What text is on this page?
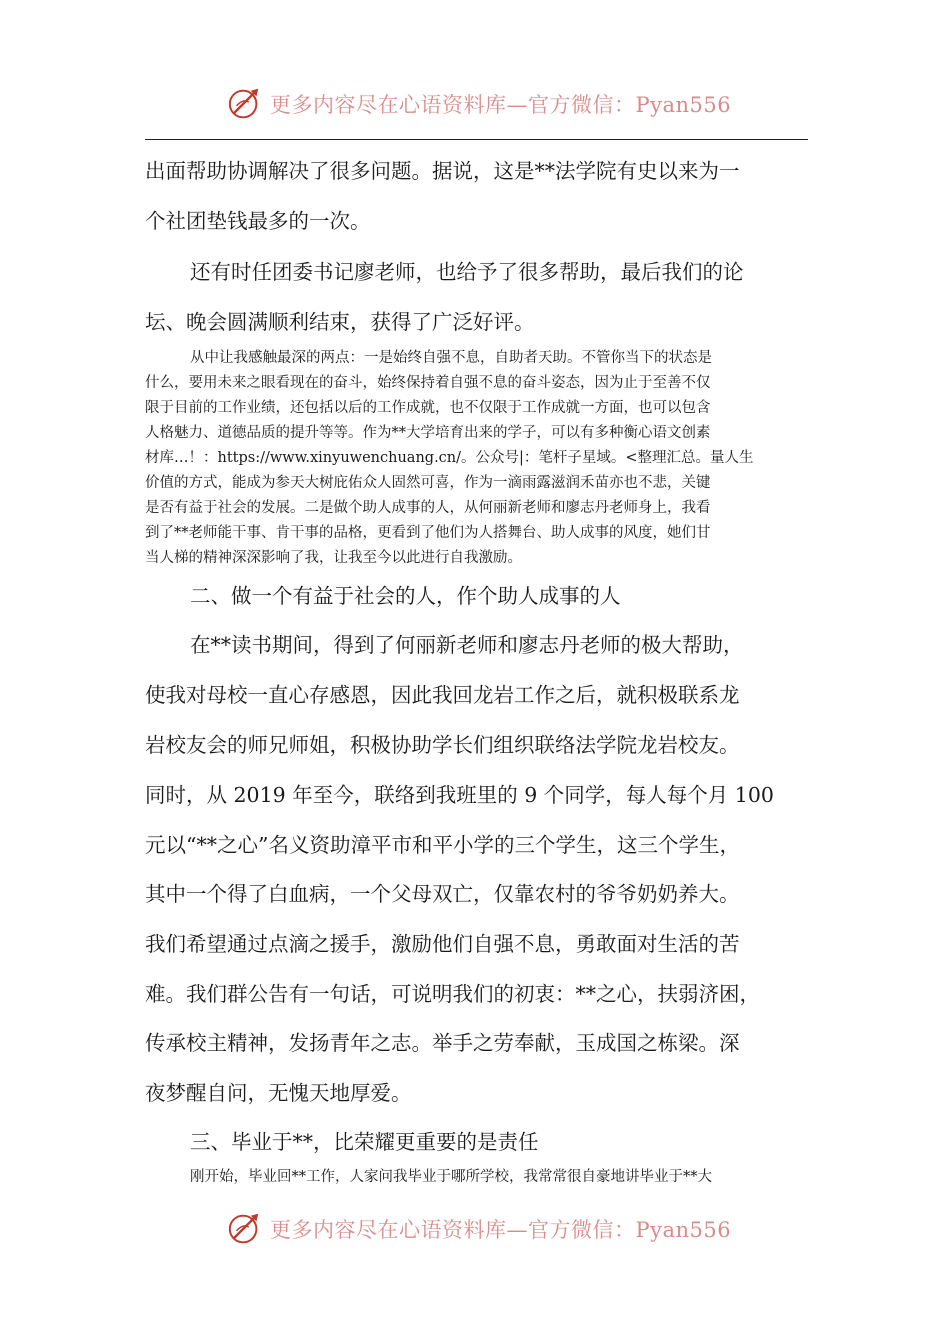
更多内容尽在心语资料库—官方微信：Pyan556
出面帮助协调解决了很多问题。据说，这是**法学院有史以来为一
个社团垫钱最多的一次。
还有时任团委书记廖老师，也给予了很多帮助，最后我们的论
坛、晚会圆满顺利结束，获得了广泛好评。
从中让我感触最深的两点：一是始终自强不息，自助者天助。不管你当下的状态是
什么，要用未来之眼看现在的奋斗，始终保持着自强不息的奋斗姿态，因为止于至善不仅
限于目前的工作业绩，还包括以后的工作成就，也不仅限于工作成就一方面，也可以包含
人格魅力、道德品质的提升等等。作为**大学培育出来的学子，可以有多种衡心语文创素
材库…！：https://www.xinyuwenchuang.cn/。公众号|：笔杆子星域。<整理汇总。量人生
价值的方式，能成为参天大树庇佑众人固然可喜，作为一滴雨露滋润禾苗亦也不悲，关键
是否有益于社会的发展。二是做个助人成事的人，从何丽新老师和廖志丹老师身上，我看
到了**老师能干事、肯干事的品格，更看到了他们为人搭舞台、助人成事的风度，她们甘
当人梯的精神深深影响了我，让我至今以此进行自我激励。
二、做一个有益于社会的人，作个助人成事的人
在**读书期间，得到了何丽新老师和廖志丹老师的极大帮助，
使我对母校一直心存感恩，因此我回龙岩工作之后，就积极联系龙
岩校友会的师兄师姐，积极协助学长们组织联络法学院龙岩校友。
同时，从 2019 年至今，联络到我班里的 9 个同学，每人每个月 100
元以“**之心”名义资助漳平市和平小学的三个学生，这三个学生，
其中一个得了白血病，一个父母双亡，仅靠农村的爷爷奶奶养大。
我们希望通过点滴之援手，激励他们自强不息，勇敢面对生活的苦
难。我们群公告有一句话，可说明我们的初衷：**之心，扶弱济困，
传承校主精神，发扬青年之志。举手之劳奉献，玉成国之栋梁。深
夜梦醒自问，无愧天地厚爱。
三、毕业于**，比荣耀更重要的是责任
刚开始，毕业回**工作，人家问我毕业于哪所学校，我常常很自豪地讲毕业于**大
更多内容尽在心语资料库—官方微信：Pyan556
